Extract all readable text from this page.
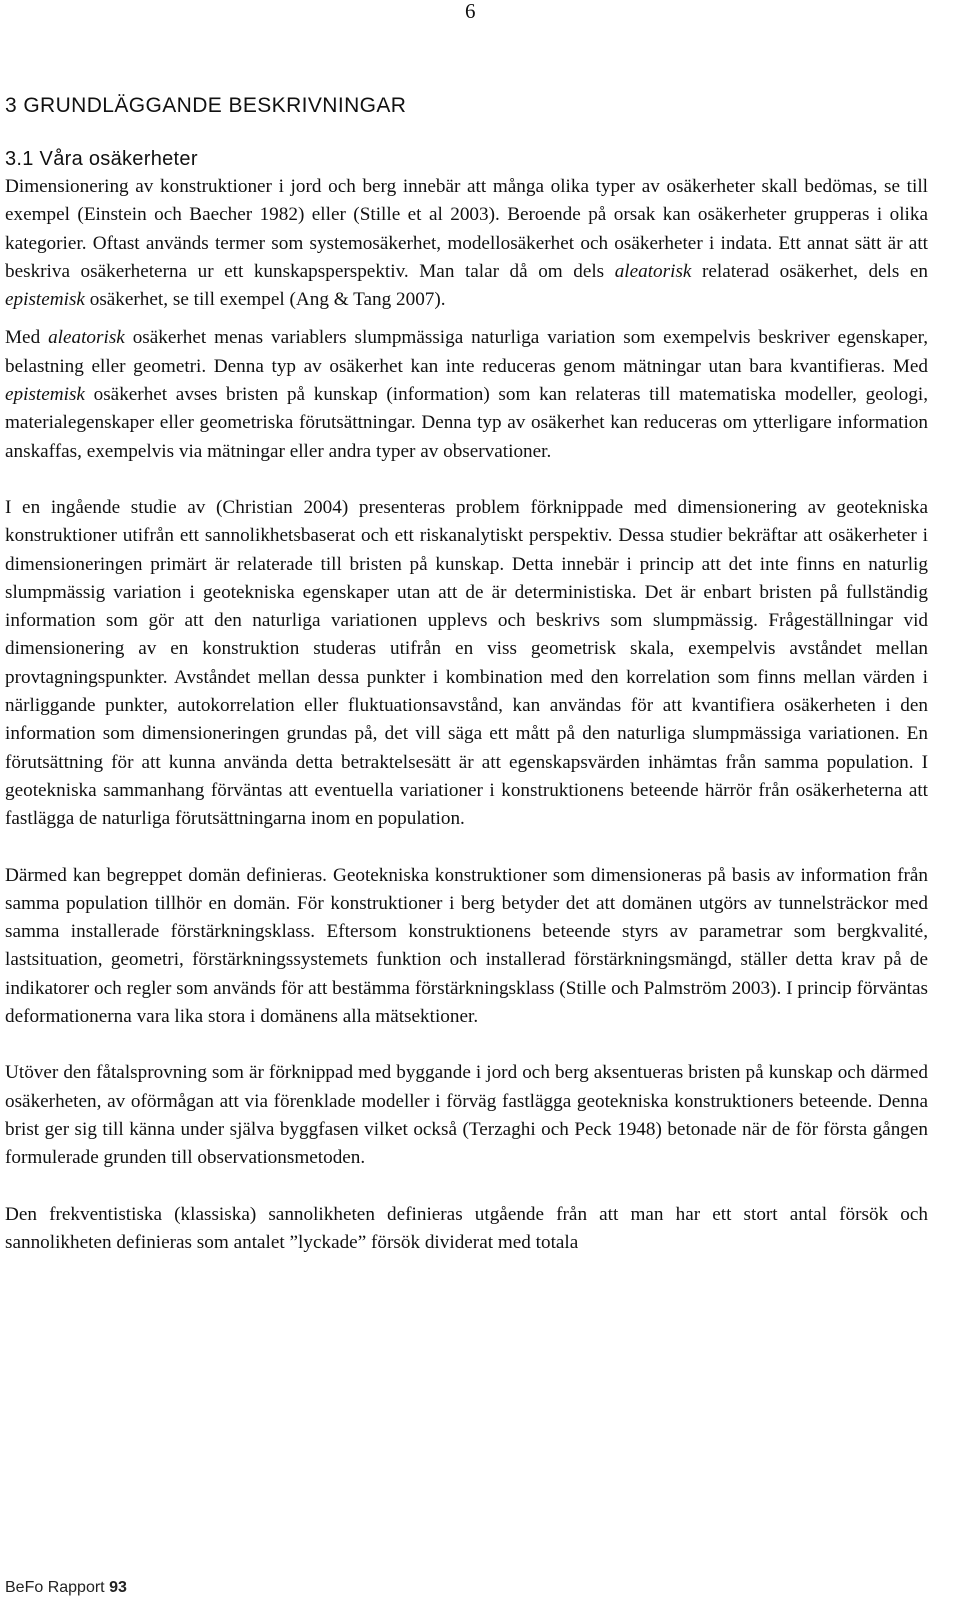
6
3 GRUNDLÄGGANDE BESKRIVNINGAR
3.1 Våra osäkerheter

Dimensionering av konstruktioner i jord och berg innebär att många olika typer av osäkerheter skall bedömas, se till exempel (Einstein och Baecher 1982) eller (Stille et al 2003). Beroende på orsak kan osäkerheter grupperas i olika kategorier. Oftast används termer som systemosäkerhet, modellosäkerhet och osäkerheter i indata. Ett annat sätt är att beskriva osäkerheterna ur ett kunskapsperspektiv. Man talar då om dels aleatorisk relaterad osäkerhet, dels en epistemisk osäkerhet, se till exempel (Ang & Tang 2007).

Med aleatorisk osäkerhet menas variablers slumpmässiga naturliga variation som exempelvis beskriver egenskaper, belastning eller geometri. Denna typ av osäkerhet kan inte reduceras genom mätningar utan bara kvantifieras. Med epistemisk osäkerhet avses bristen på kunskap (information) som kan relateras till matematiska modeller, geologi, materialegenskaper eller geometriska förutsättningar. Denna typ av osäkerhet kan reduceras om ytterligare information anskaffas, exempelvis via mätningar eller andra typer av observationer.

I en ingående studie av (Christian 2004) presenteras problem förknippade med dimensionering av geotekniska konstruktioner utifrån ett sannolikhetsbaserat och ett riskanalytiskt perspektiv. Dessa studier bekräftar att osäkerheter i dimensioneringen primärt är relaterade till bristen på kunskap. Detta innebär i princip att det inte finns en naturlig slumpmässig variation i geotekniska egenskaper utan att de är deterministiska. Det är enbart bristen på fullständig information som gör att den naturliga variationen upplevs och beskrivs som slumpmässig. Frågeställningar vid dimensionering av en konstruktion studeras utifrån en viss geometrisk skala, exempelvis avståndet mellan provtagningspunkter. Avståndet mellan dessa punkter i kombination med den korrelation som finns mellan värden i närliggande punkter, autokorrelation eller fluktuationsavstånd, kan användas för att kvantifiera osäkerheten i den information som dimensioneringen grundas på, det vill säga ett mått på den naturliga slumpmässiga variationen. En förutsättning för att kunna använda detta betraktelsesätt är att egenskapsvärden inhämtas från samma population. I geotekniska sammanhang förväntas att eventuella variationer i konstruktionens beteende härrör från osäkerheterna att fastlägga de naturliga förutsättningarna inom en population.

Därmed kan begreppet domän definieras. Geotekniska konstruktioner som dimensioneras på basis av information från samma population tillhör en domän. För konstruktioner i berg betyder det att domänen utgörs av tunnelsträckor med samma installerade förstärkningsklass. Eftersom konstruktionens beteende styrs av parametrar som bergkvalité, lastsituation, geometri, förstärkningssystemets funktion och installerad förstärkningsmängd, ställer detta krav på de indikatorer och regler som används för att bestämma förstärkningsklass (Stille och Palmström 2003). I princip förväntas deformationerna vara lika stora i domänens alla mätsektioner.

Utöver den fåtalsprovning som är förknippad med byggande i jord och berg aksentueras bristen på kunskap och därmed osäkerheten, av oförmågan att via förenklade modeller i förväg fastlägga geotekniska konstruktioners beteende. Denna brist ger sig till känna under själva byggfasen vilket också (Terzaghi och Peck 1948) betonade när de för första gången formulerade grunden till observationsmetoden.

Den frekventistiska (klassiska) sannolikheten definieras utgående från att man har ett stort antal försök och sannolikheten definieras som antalet ”lyckade” försök dividerat med totala

BeFo Rapport 93
